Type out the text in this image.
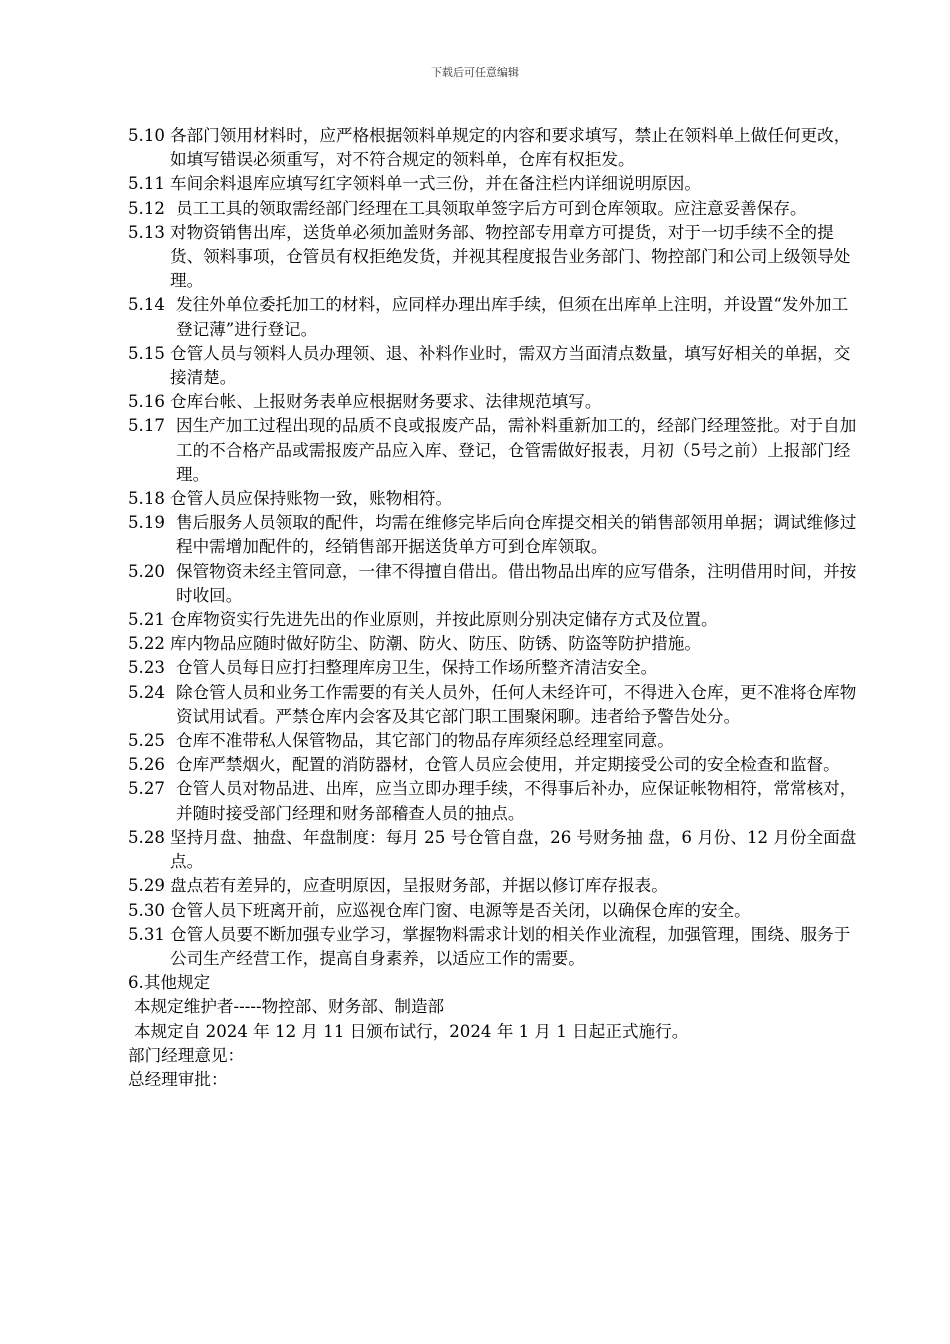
下载后可任意编辑
5.10 各部门领用材料时，应严格根据领料单规定的内容和要求填写，禁止在领料单上做任何更改，如填写错误必须重写，对不符合规定的领料单，仓库有权拒发。
5.11 车间余料退库应填写红字领料单一式三份，并在备注栏内详细说明原因。
5.12 员工工具的领取需经部门经理在工具领取单签字后方可到仓库领取。应注意妥善保存。
5.13 对物资销售出库，送货单必须加盖财务部、物控部专用章方可提货，对于一切手续不全的提货、领料事项，仓管员有权拒绝发货，并视其程度报告业务部门、物控部门和公司上级领导处理。
5.14 发往外单位委托加工的材料，应同样办理出库手续，但须在出库单上注明，并设置“发外加工登记薄”进行登记。
5.15 仓管人员与领料人员办理领、退、补料作业时，需双方当面清点数量，填写好相关的单据，交接清楚。
5.16 仓库台帐、上报财务表单应根据财务要求、法律规范填写。
5.17 因生产加工过程出现的品质不良或报废产品，需补料重新加工的，经部门经理签批。对于自加工的不合格产品或需报废产品应入库、登记，仓管需做好报表，月初（5号之前）上报部门经理。
5.18 仓管人员应保持账物一致，账物相符。
5.19 售后服务人员领取的配件，均需在维修完毕后向仓库提交相关的销售部领用单据；调试维修过程中需增加配件的，经销售部开据送货单方可到仓库领取。
5.20 保管物资未经主管同意，一律不得擅自借出。借出物品出库的应写借条，注明借用时间，并按时收回。
5.21 仓库物资实行先进先出的作业原则，并按此原则分别决定储存方式及位置。
5.22 库内物品应随时做好防尘、防潮、防火、防压、防锈、防盗等防护措施。
5.23 仓管人员每日应打扫整理库房卫生，保持工作场所整齐清洁安全。
5.24 除仓管人员和业务工作需要的有关人员外，任何人未经许可，不得进入仓库，更不准将仓库物资试用试看。严禁仓库内会客及其它部门职工围聚闲聊。违者给予警告处分。
5.25 仓库不准带私人保管物品，其它部门的物品存库须经总经理室同意。
5.26 仓库严禁烟火，配置的消防器材，仓管人员应会使用，并定期接受公司的安全检查和监督。
5.27 仓管人员对物品进、出库，应当立即办理手续，不得事后补办，应保证帐物相符，常常核对，并随时接受部门经理和财务部稽查人员的抽点。
5.28 坚持月盘、抽盘、年盘制度：每月 25 号仓管自盘，26 号财务抽 盘，6 月份、12 月份全面盘点。
5.29 盘点若有差异的，应查明原因，呈报财务部，并据以修订库存报表。
5.30 仓管人员下班离开前，应巡视仓库门窗、电源等是否关闭，以确保仓库的安全。
5.31 仓管人员要不断加强专业学习，掌握物料需求计划的相关作业流程，加强管理，围绕、服务于公司生产经营工作，提高自身素养，以适应工作的需要。
6.其他规定
本规定维护者-----物控部、财务部、制造部
本规定自 2024 年 12 月 11 日颁布试行，2024 年 1 月 1 日起正式施行。
部门经理意见：
总经理审批：
